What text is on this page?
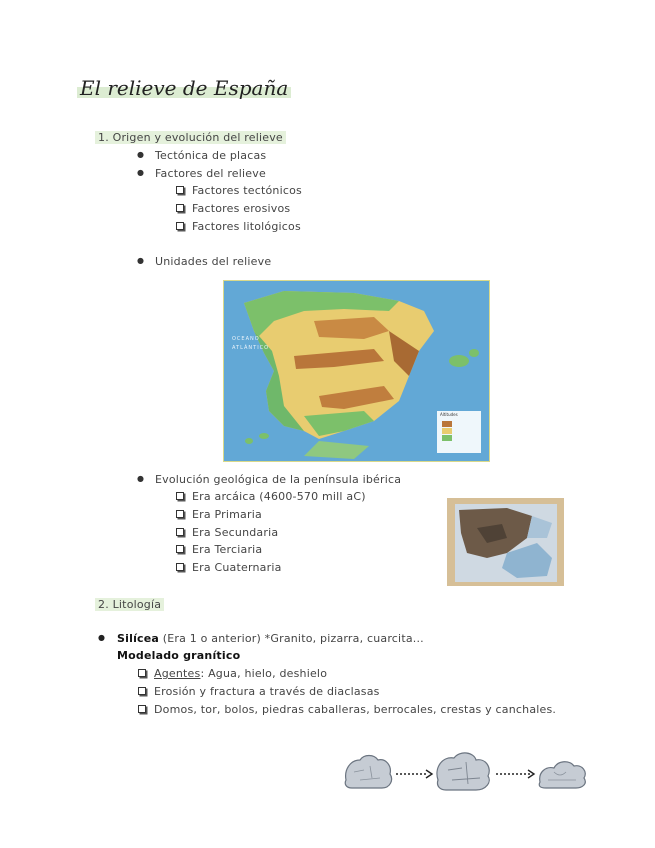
El relieve de España
1. Origen y evolución del relieve
● Tectónica de placas
● Factores del relieve
Factores tectónicos
Factores erosivos
Factores litológicos
● Unidades del relieve
OCEANO
ATLÁNTICO
Altitudes
● Evolución geológica de la península ibérica
Era arcáica (4600-570 mill aC)
Era Primaria
Era Secundaria
Era Terciaria
Era Cuaternaria
2. Litología
● Silícea (Era 1 o anterior) *Granito, pizarra, cuarcita...
Modelado granítico
Agentes: Agua, hielo, deshielo
Erosión y fractura a través de diaclasas
Domos, tor, bolos, piedras caballeras, berrocales, crestas y canchales.
